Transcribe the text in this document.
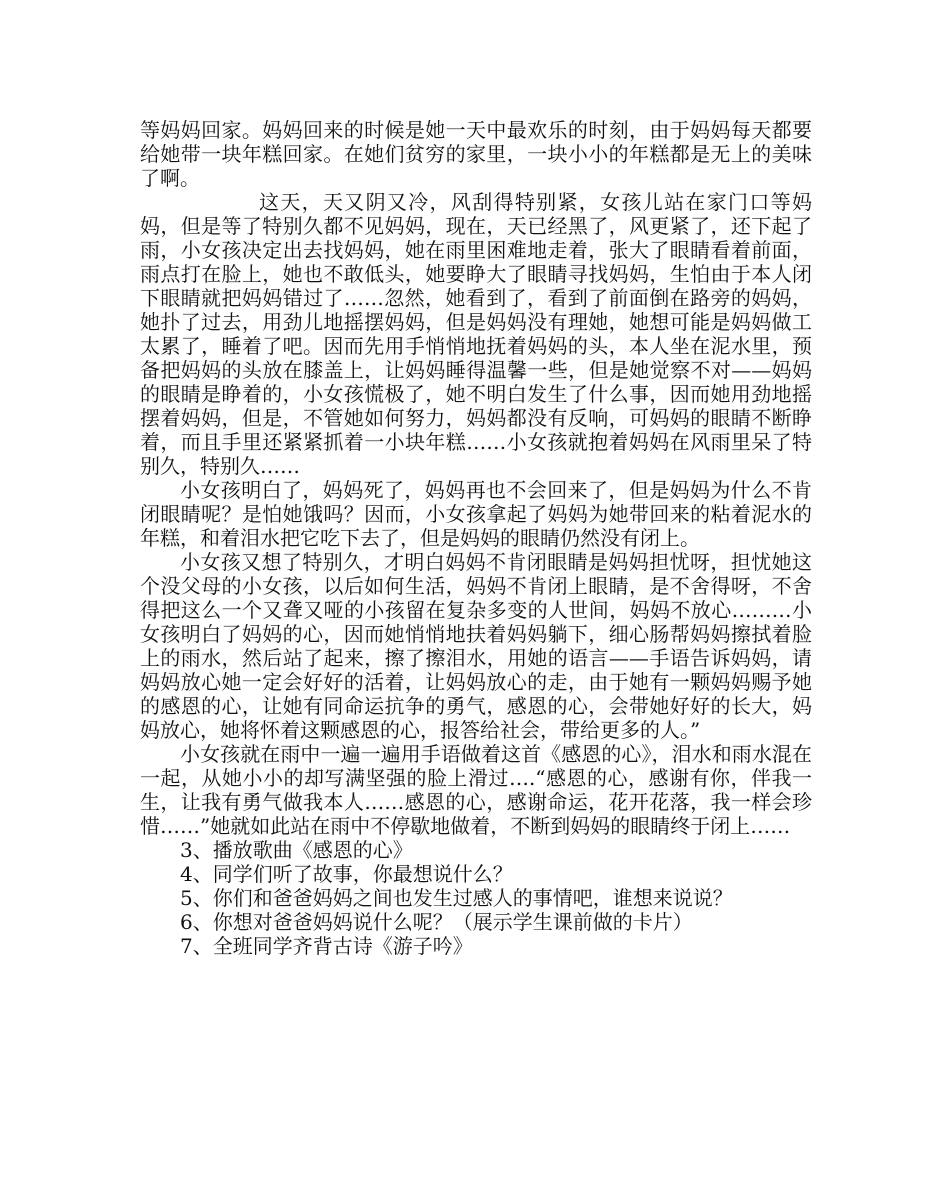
等妈妈回家。妈妈回来的时候是她一天中最欢乐的时刻，由于妈妈每天都要给她带一块年糕回家。在她们贫穷的家里，一块小小的年糕都是无上的美味了啊。

这天，天又阴又冷，风刮得特别紧，女孩儿站在家门口等妈妈，但是等了特别久都不见妈妈，现在，天已经黑了，风更紧了，还下起了雨，小女孩决定出去找妈妈，她在雨里困难地走着，张大了眼睛看着前面，雨点打在脸上，她也不敢低头，她要睁大了眼睛寻找妈妈，生怕由于本人闭下眼睛就把妈妈错过了……忽然，她看到了，看到了前面倒在路旁的妈妈，她扑了过去，用劲儿地摇摆妈妈，但是妈妈没有理她，她想可能是妈妈做工太累了，睡着了吧。因而先用手悄悄地抚着妈妈的头，本人坐在泥水里，预备把妈妈的头放在膝盖上，让妈妈睡得温馨一些，但是她觉察不对——妈妈的眼睛是睁着的，小女孩慌极了，她不明白发生了什么事，因而她用劲地摇摆着妈妈，但是，不管她如何努力，妈妈都没有反响，可妈妈的眼睛不断睁着，而且手里还紧紧抓着一小块年糕……小女孩就抱着妈妈在风雨里呆了特别久，特别久……

小女孩明白了，妈妈死了，妈妈再也不会回来了，但是妈妈为什么不肯闭眼睛呢？是怕她饿吗？因而，小女孩拿起了妈妈为她带回来的粘着泥水的年糕，和着泪水把它吃下去了，但是妈妈的眼睛仍然没有闭上。

小女孩又想了特别久，才明白妈妈不肯闭眼睛是妈妈担忧呀，担忧她这个没父母的小女孩，以后如何生活，妈妈不肯闭上眼睛，是不舍得呀，不舍得把这么一个又聋又哑的小孩留在复杂多变的人世间，妈妈不放心………小女孩明白了妈妈的心，因而她悄悄地扶着妈妈躺下，细心肠帮妈妈擦拭着脸上的雨水，然后站了起来，擦了擦泪水，用她的语言——手语告诉妈妈，请妈妈放心她一定会好好的活着，让妈妈放心的走，由于她有一颗妈妈赐予她的感恩的心，让她有同命运抗争的勇气，感恩的心，会带她好好的长大，妈妈放心，她将怀着这颗感恩的心，报答给社会，带给更多的人。”

小女孩就在雨中一遍一遍用手语做着这首《感恩的心》，泪水和雨水混在一起，从她小小的却写满坚强的脸上滑过….“感恩的心，感谢有你，伴我一生，让我有勇气做我本人……感恩的心，感谢命运，花开花落，我一样会珍惜……”她就如此站在雨中不停歇地做着，不断到妈妈的眼睛终于闭上……

3、播放歌曲《感恩的心》

4、同学们听了故事，你最想说什么？

5、你们和爸爸妈妈之间也发生过感人的事情吧，谁想来说说？

6、你想对爸爸妈妈说什么呢？（展示学生课前做的卡片）

7、全班同学齐背古诗《游子吟》
